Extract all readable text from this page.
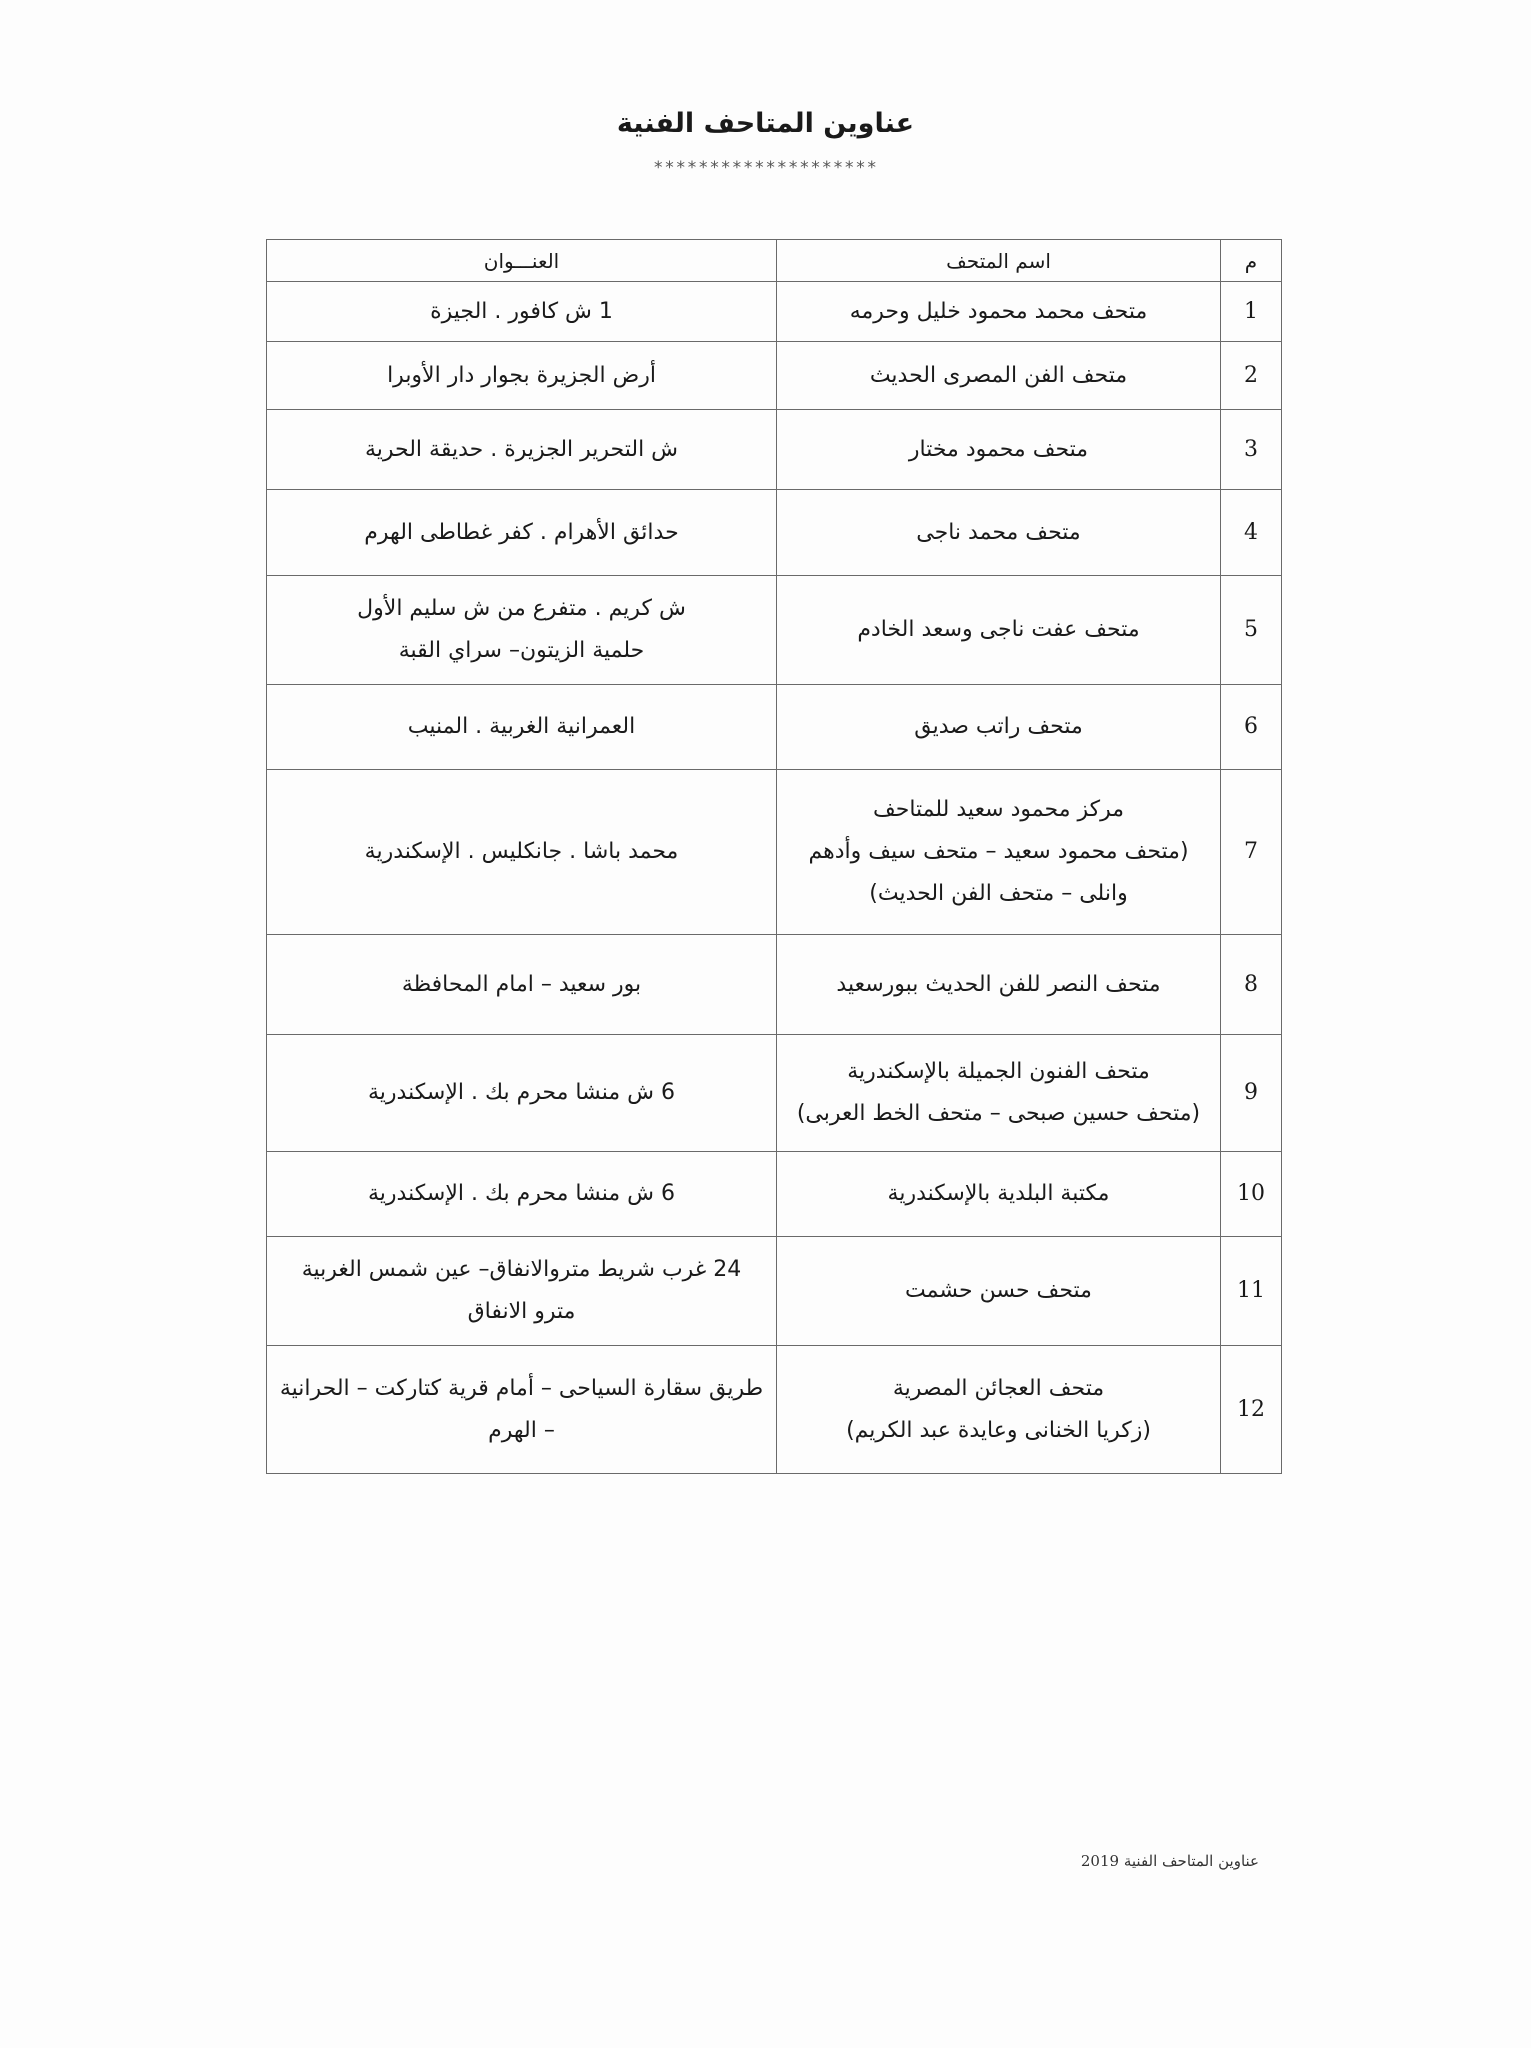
عناوين المتاحف الفنية
********************
م	اسم المتحف	العنـــوان
1	متحف محمد محمود خليل وحرمه	1 ش كافور . الجيزة

2	متحف الفن المصرى الحديث	أرض الجزيرة بجوار دار الأوبرا

3	متحف محمود مختار	ش التحرير الجزيرة . حديقة الحرية

4	متحف محمد ناجى	حدائق الأهرام . كفر غطاطى الهرم

5	متحف عفت ناجى وسعد الخادم	ش كريم . متفرع من ش سليم الأول
حلمية الزيتون– سراي القبة

6	متحف راتب صديق	العمرانية الغربية . المنيب

7	مركز محمود سعيد للمتاحف
(متحف محمود سعيد – متحف سيف وأدهم
وانلى – متحف الفن الحديث)	محمد باشا . جانكليس . الإسكندرية

8	متحف النصر للفن الحديث ببورسعيد	بور سعيد – امام المحافظة

9	متحف الفنون الجميلة بالإسكندرية
(متحف حسين صبحى – متحف الخط العربى)	6 ش منشا محرم بك . الإسكندرية

10	مكتبة البلدية بالإسكندرية	6 ش منشا محرم بك . الإسكندرية

11	متحف حسن حشمت	24 غرب شريط متروالانفاق– عين شمس الغربية
مترو الانفاق

12	متحف العجائن المصرية
(زكريا الخنانى وعايدة عبد الكريم)	طريق سقارة السياحى – أمام قرية كتاركت – الحرانية
– الهرم
عناوين المتاحف الفنية 2019
